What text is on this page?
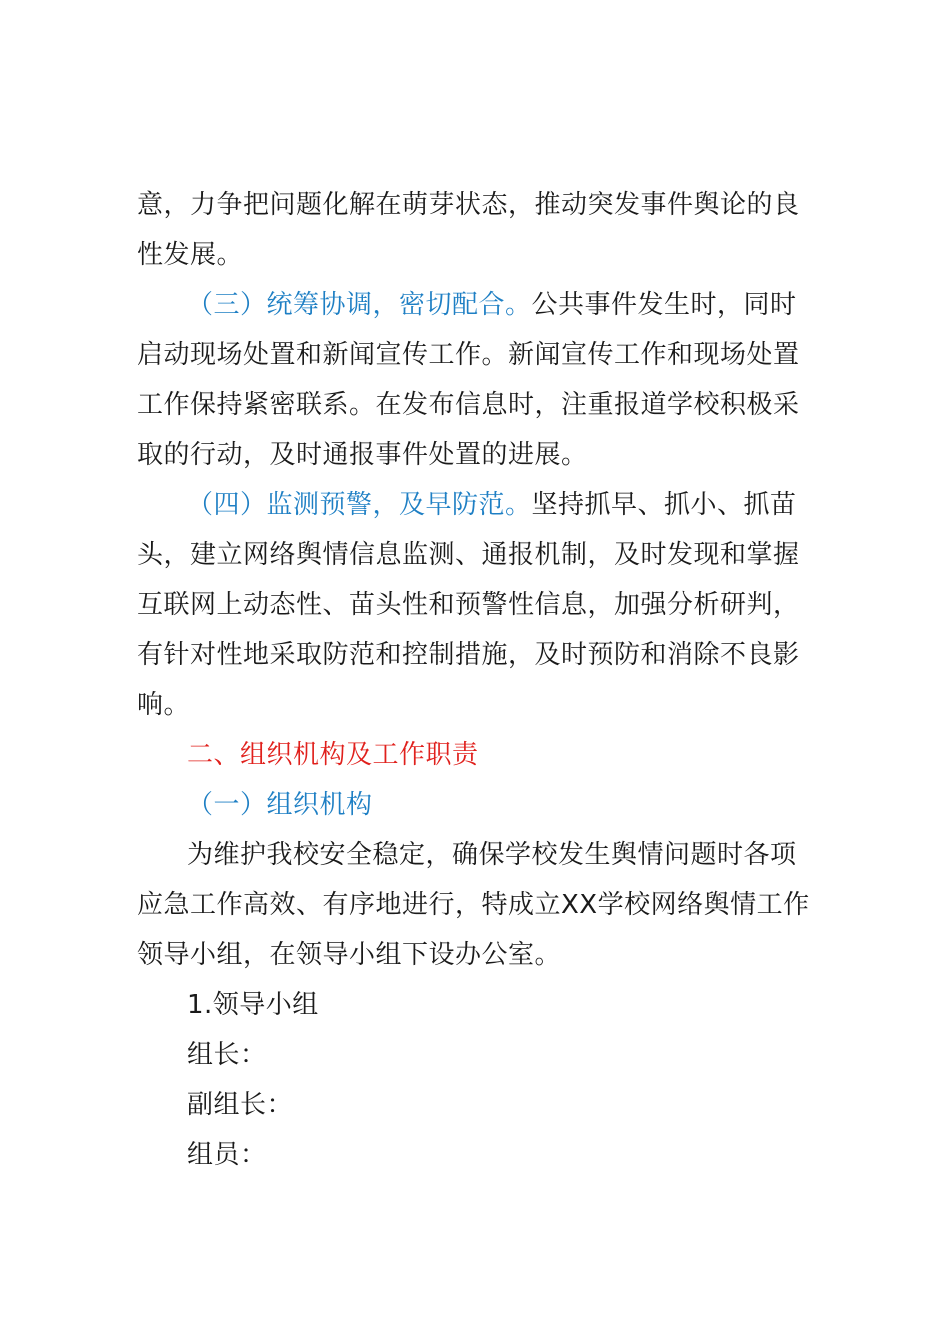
意，力争把问题化解在萌芽状态，推动突发事件舆论的良
性发展。
（三）统筹协调，密切配合。公共事件发生时，同时
启动现场处置和新闻宣传工作。新闻宣传工作和现场处置
工作保持紧密联系。在发布信息时，注重报道学校积极采
取的行动，及时通报事件处置的进展。
（四）监测预警，及早防范。坚持抓早、抓小、抓苗
头，建立网络舆情信息监测、通报机制，及时发现和掌握
互联网上动态性、苗头性和预警性信息，加强分析研判，
有针对性地采取防范和控制措施，及时预防和消除不良影
响。
二、组织机构及工作职责
（一）组织机构
为维护我校安全稳定，确保学校发生舆情问题时各项
应急工作高效、有序地进行，特成立XX学校网络舆情工作
领导小组，在领导小组下设办公室。
1.领导小组
组长：
副组长：
组员：
